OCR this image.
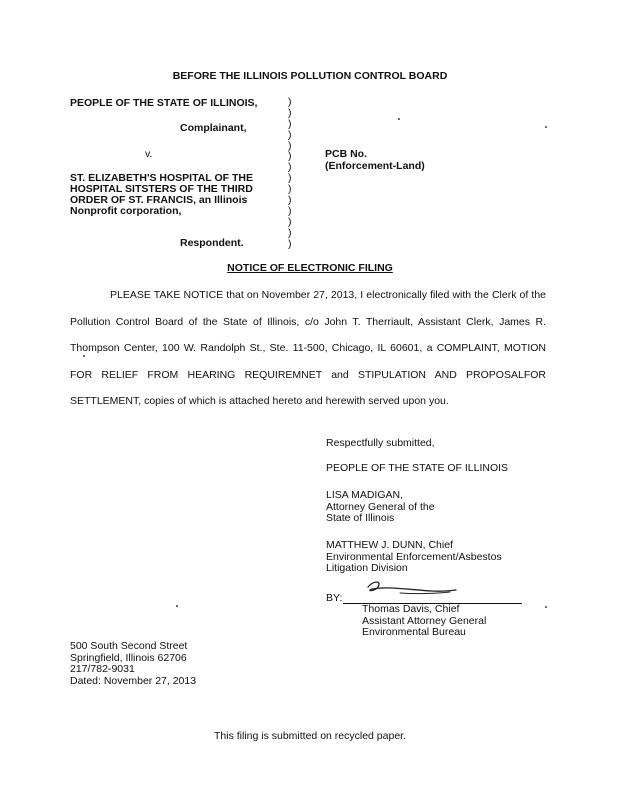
BEFORE THE ILLINOIS POLLUTION CONTROL BOARD
PEOPLE OF THE STATE OF ILLINOIS,
Complainant,
v.
ST. ELIZABETH'S HOSPITAL OF THE
HOSPITAL SITSTERS OF THE THIRD
ORDER OF ST. FRANCIS, an Illinois
Nonprofit corporation,
Respondent.
)
)
)
)
)
)
)
)
)
)
)
)
)
)
PCB No.
(Enforcement-Land)
NOTICE OF ELECTRONIC FILING
PLEASE TAKE NOTICE that on November 27, 2013, I electronically filed with the Clerk of the Pollution Control Board of the State of Illinois, c/o John T. Therriault, Assistant Clerk, James R. Thompson Center, 100 W. Randolph St., Ste. 11-500, Chicago, IL 60601, a COMPLAINT, MOTION FOR RELIEF FROM HEARING REQUIREMNET and STIPULATION AND PROPOSALFOR SETTLEMENT, copies of which is attached hereto and herewith served upon you.
Respectfully submitted,
PEOPLE OF THE STATE OF ILLINOIS
LISA MADIGAN,
Attorney General of the
State of Illinois
MATTHEW J. DUNN, Chief
Environmental Enforcement/Asbestos
Litigation Division
BY:
Thomas Davis, Chief
Assistant Attorney General
Environmental Bureau
500 South Second Street
Springfield, Illinois 62706
217/782-9031
Dated: November 27, 2013
This filing is submitted on recycled paper.
